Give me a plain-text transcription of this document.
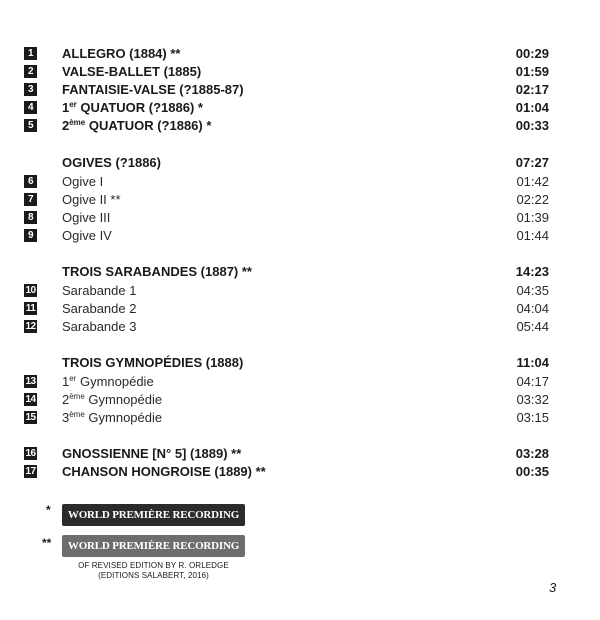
1	ALLEGRO (1884) **	00:29
2	VALSE-BALLET (1885)	01:59
3	FANTAISIE-VALSE (?1885-87)	02:17
4	1er QUATUOR (?1886) *	01:04
5	2ème QUATUOR (?1886) *	00:33
OGIVES (?1886)	07:27
6	Ogive I	01:42
7	Ogive II **	02:22
8	Ogive III	01:39
9	Ogive IV	01:44
TROIS SARABANDES (1887) **	14:23
10 Sarabande 1	04:35
11 Sarabande 2	04:04
12 Sarabande 3	05:44
TROIS GYMNOPÉDIES (1888)	11:04
13 1er Gymnopédie	04:17
14 2ème Gymnopédie	03:32
15 3ème Gymnopédie	03:15
16 GNOSSIENNE [N° 5] (1889) **	03:28
17 CHANSON HONGROISE (1889) **	00:35
*	WORLD PREMIÈRE RECORDING
**	WORLD PREMIÈRE RECORDING
OF REVISED EDITION BY R. ORLEDGE
(EDITIONS SALABERT, 2016)
3
